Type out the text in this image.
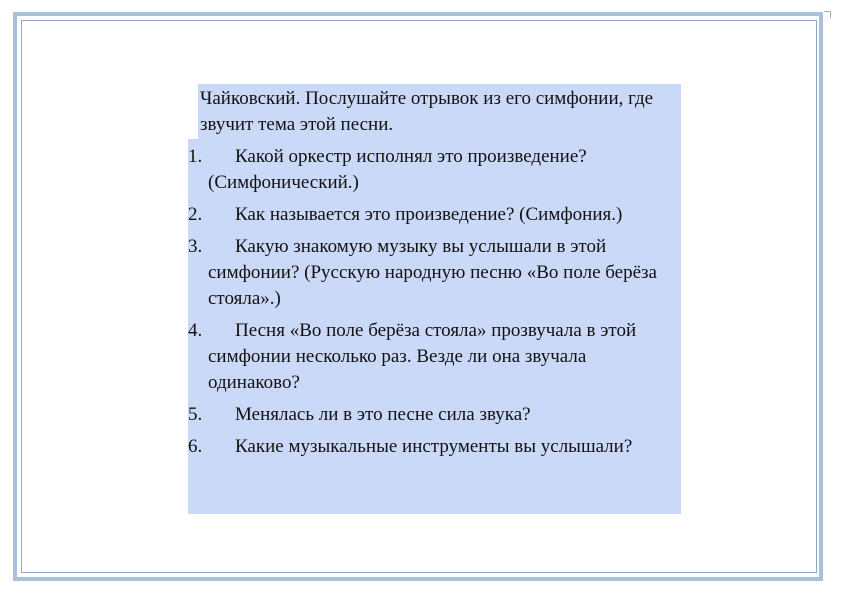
Чайковский. Послушайте отрывок из его симфонии, где звучит тема этой песни.

1.	Какой оркестр исполнял это произведение? (Симфонический.)
2.	Как называется это произведение? (Симфония.)
3.	Какую знакомую музыку вы услышали в этой симфонии? (Русскую народную песню «Во поле берёза стояла».)
4.	Песня «Во поле берёза стояла» прозвучала в этой симфонии несколько раз. Везде ли она звучала одинаково?
5.	Менялась ли в это песне сила звука?
6.	Какие музыкальные инструменты вы услышали?
